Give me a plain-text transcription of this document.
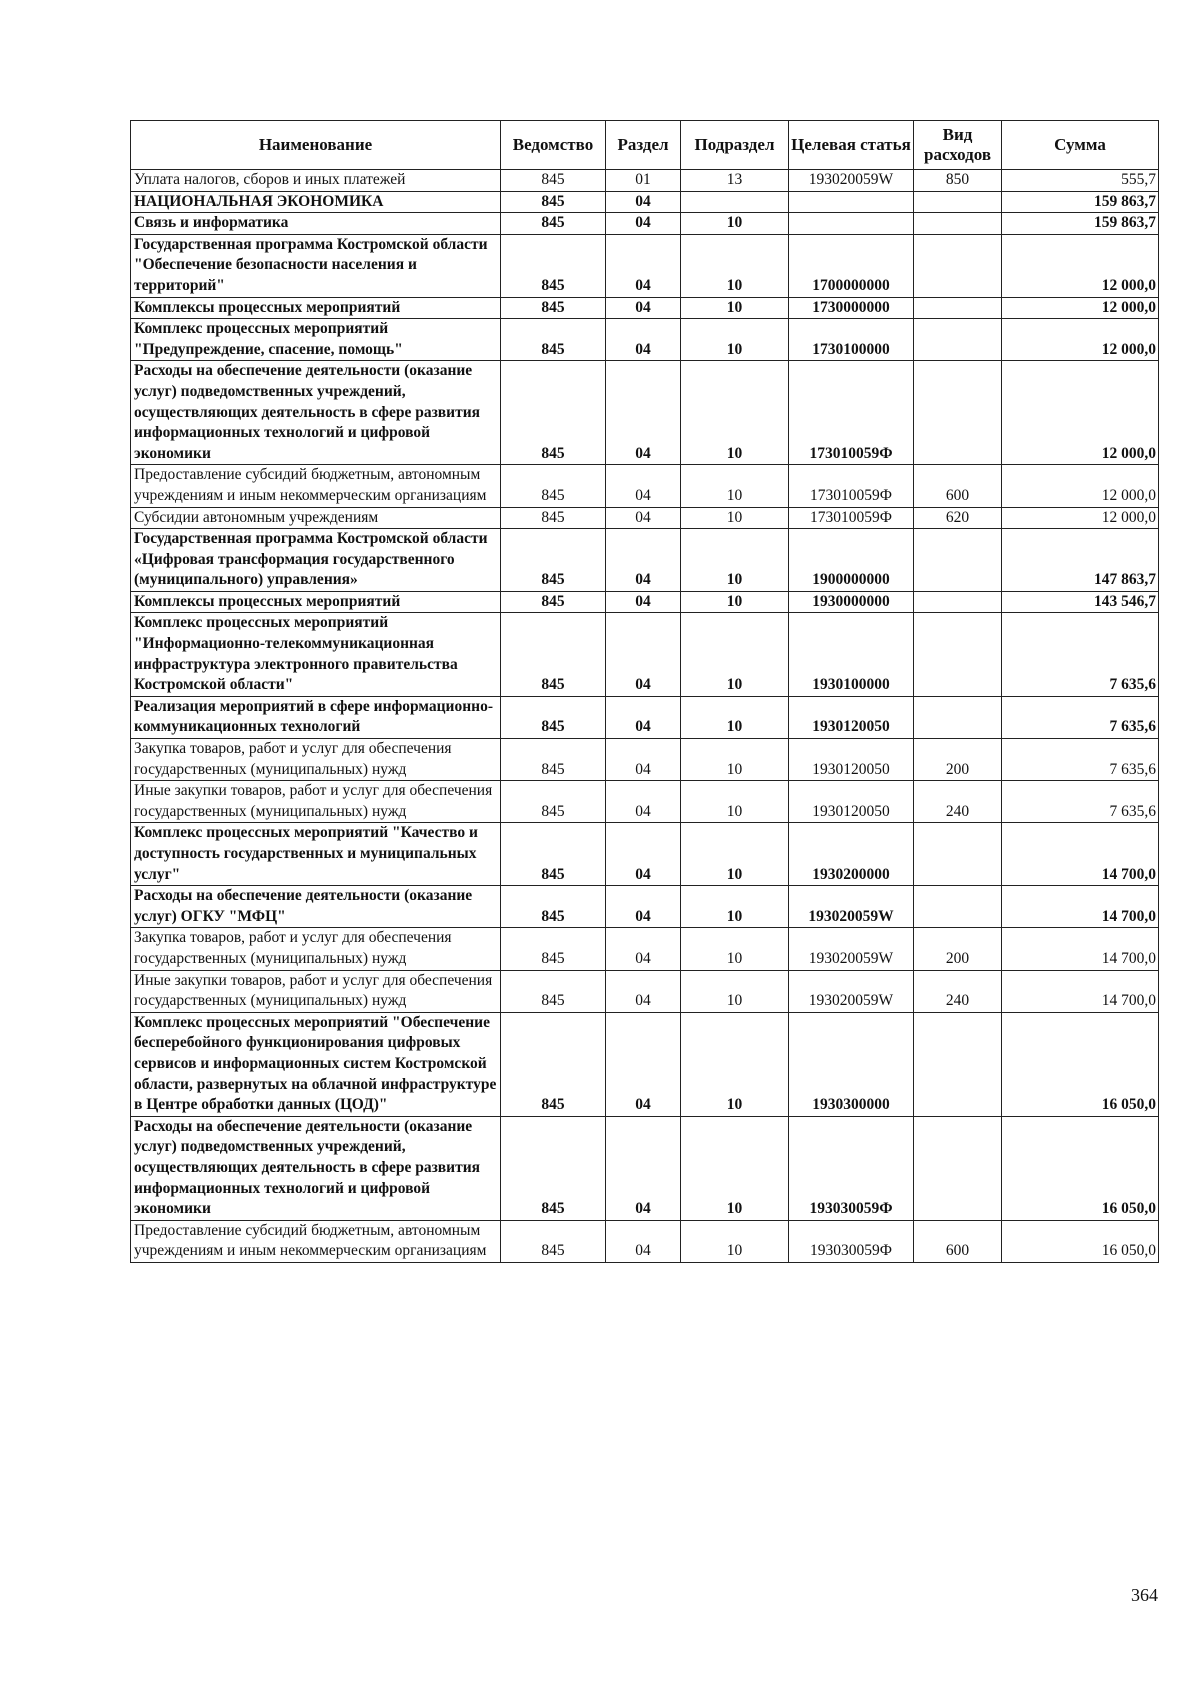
Наименование	Ведомство	Раздел	Подраздел	Целевая статья	Вид расходов	Сумма
Уплата налогов, сборов и иных платежей	845	01	13	193020059W	850	555,7
НАЦИОНАЛЬНАЯ ЭКОНОМИКА	845	04				159 863,7
Связь и информатика	845	04	10			159 863,7
Государственная программа Костромской области "Обеспечение безопасности населения и территорий"	845	04	10	1700000000		12 000,0
Комплексы процессных мероприятий	845	04	10	1730000000		12 000,0
Комплекс процессных мероприятий "Предупреждение, спасение, помощь"	845	04	10	1730100000		12 000,0
Расходы на обеспечение деятельности (оказание услуг) подведомственных учреждений, осуществляющих деятельность в сфере развития информационных технологий и цифровой экономики	845	04	10	173010059Ф		12 000,0
Предоставление субсидий бюджетным, автономным учреждениям и иным некоммерческим организациям	845	04	10	173010059Ф	600	12 000,0
Субсидии автономным учреждениям	845	04	10	173010059Ф	620	12 000,0
Государственная программа Костромской области «Цифровая трансформация государственного (муниципального) управления»	845	04	10	1900000000		147 863,7
Комплексы процессных мероприятий	845	04	10	1930000000		143 546,7
Комплекс процессных мероприятий "Информационно-телекоммуникационная инфраструктура электронного правительства Костромской области"	845	04	10	1930100000		7 635,6
Реализация мероприятий в сфере информационно-коммуникационных технологий	845	04	10	1930120050		7 635,6
Закупка товаров, работ и услуг для обеспечения государственных (муниципальных) нужд	845	04	10	1930120050	200	7 635,6
Иные закупки товаров, работ и услуг для обеспечения государственных (муниципальных) нужд	845	04	10	1930120050	240	7 635,6
Комплекс процессных мероприятий "Качество и доступность государственных и муниципальных услуг"	845	04	10	1930200000		14 700,0
Расходы на обеспечение деятельности (оказание услуг) ОГКУ "МФЦ"	845	04	10	193020059W		14 700,0
Закупка товаров, работ и услуг для обеспечения государственных (муниципальных) нужд	845	04	10	193020059W	200	14 700,0
Иные закупки товаров, работ и услуг для обеспечения государственных (муниципальных) нужд	845	04	10	193020059W	240	14 700,0
Комплекс процессных мероприятий "Обеспечение бесперебойного функционирования цифровых сервисов и информационных систем Костромской области, развернутых на облачной инфраструктуре в Центре обработки данных (ЦОД)"	845	04	10	1930300000		16 050,0
Расходы на обеспечение деятельности (оказание услуг) подведомственных учреждений, осуществляющих деятельность в сфере развития информационных технологий и цифровой экономики	845	04	10	193030059Ф		16 050,0
Предоставление субсидий бюджетным, автономным учреждениям и иным некоммерческим организациям	845	04	10	193030059Ф	600	16 050,0
364
